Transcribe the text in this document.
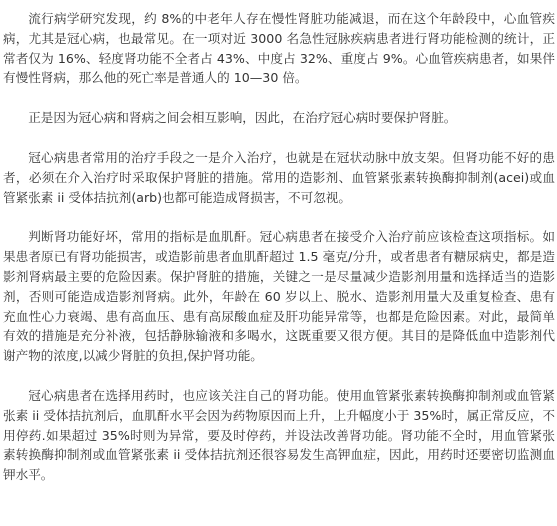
流行病学研究发现，约 8%的中老年人存在慢性肾脏功能减退，而在这个年龄段中，心血管疾病，尤其是冠心病，也最常见。在一项对近 3000 名急性冠脉疾病患者进行肾功能检测的统计，正常者仅为 16%、轻度肾功能不全者占 43%、中度占 32%、重度占 9%。心血管疾病患者，如果伴有慢性肾病，那么他的死亡率是普通人的 10—30 倍。

正是因为冠心病和肾病之间会相互影响，因此，在治疗冠心病时要保护肾脏。

冠心病患者常用的治疗手段之一是介入治疗，也就是在冠状动脉中放支架。但肾功能不好的患者，必须在介入治疗时采取保护肾脏的措施。常用的造影剂、血管紧张素转换酶抑制剂(acei)或血管紧张素 ii 受体拮抗剂(arb)也都可能造成肾损害，不可忽视。

判断肾功能好坏，常用的指标是血肌酐。冠心病患者在接受介入治疗前应该检查这项指标。如果患者原已有肾功能损害，或造影前患者血肌酐超过 1.5 毫克/分升，或者患者有糖尿病史，都是造影剂肾病最主要的危险因素。保护肾脏的措施，关键之一是尽量减少造影剂用量和选择适当的造影剂，否则可能造成造影剂肾病。此外，年龄在 60 岁以上、脱水、造影剂用量大及重复检查、患有充血性心力衰竭、患有高血压、患有高尿酸血症及肝功能异常等，也都是危险因素。对此，最简单有效的措施是充分补液，包括静脉输液和多喝水，这既重要又很方便。其目的是降低血中造影剂代谢产物的浓度,以减少肾脏的负担,保护肾功能。

冠心病患者在选择用药时，也应该关注自己的肾功能。使用血管紧张素转换酶抑制剂或血管紧张素 ii 受体拮抗剂后，血肌酐水平会因为药物原因而上升，上升幅度小于 35%时，属正常反应，不用停药.如果超过 35%时则为异常，要及时停药，并设法改善肾功能。肾功能不全时，用血管紧张素转换酶抑制剂或血管紧张素 ii 受体拮抗剂还很容易发生高钾血症，因此，用药时还要密切监测血钾水平。
